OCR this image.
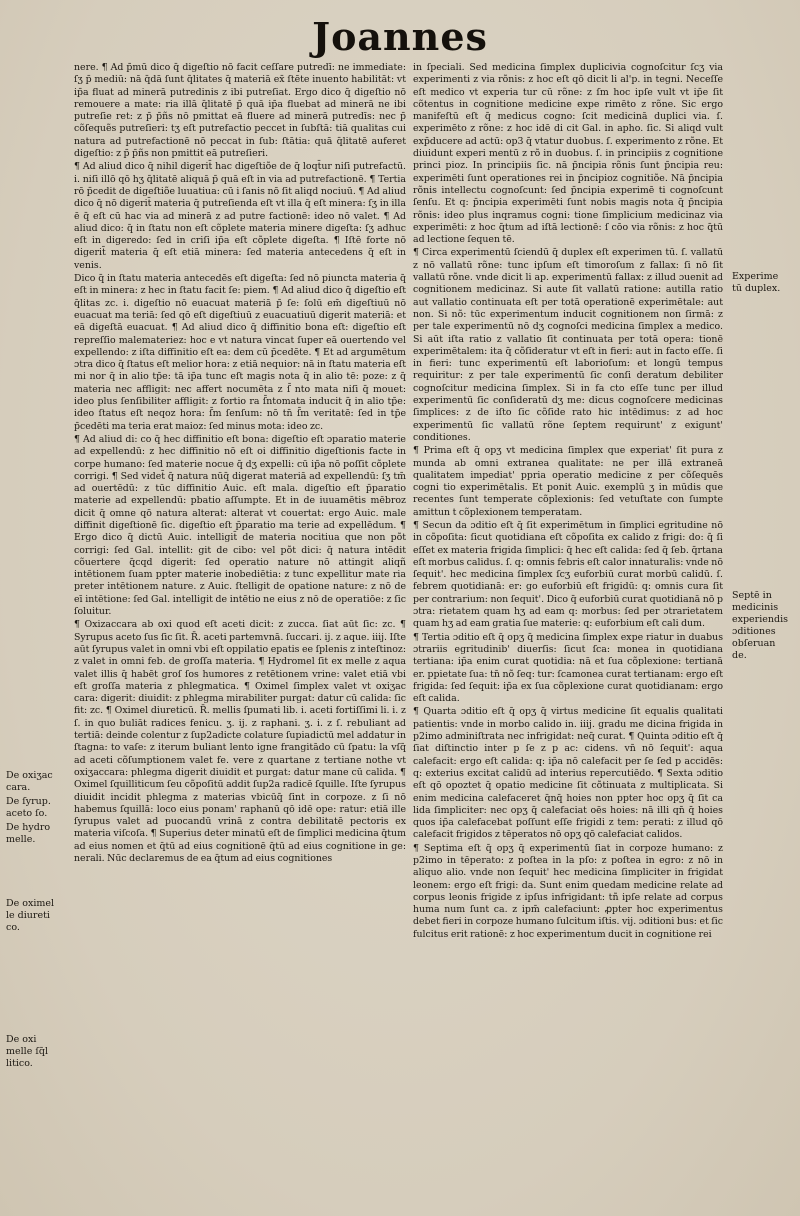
Joannes

nere. ¶ Ad p̄mū dico q̄ digeſtio nō facit ceſſare putredī: ne immediate: ſʒ p̄ mediū: nā q̄dā ſunt q̄litates q̄ materiā ex̄ ſtēte inuento habilitāt: vt ip̄a fluat ad minerā putredinis z ibi putreſiat. Ergo dico q̄ digeſtio nō remouere a mate: ria illā q̄litatē p̄ quā ip̄a fluebat ad minerā ne ibi putreſie ret: z p̄ p̄ñs nō pmittat eā fluere ad minerā putredīs: nec p̄ cõſequẽs putreſieri: tʒ eſt putrefactio peccet in ſubſtā: tiā qualitas cui natura ad putrefactionē nō peccat in ſub: ſtātia: quā q̄litatē auferet digeſtio: z p̄ p̄ñs non pmittit eā putreſieri.

¶ Ad aliud dico q̄ nihil digerit̄ hac digeſtiõe de q̄ loqt̄ur niſi putrefactū. i. niſi illō qō hʒ q̄litatē aliquā p̄ quā eſt in via ad putrefactionē. ¶ Tertia rō p̄cedit de digeſtiõe luuatiua: cū i ſanis nō ſit aliqd nociuū. ¶ Ad aliud dico q̄ nō digerit̄ materia q̄ putreſienda eſt vt illa q̄ eſt minera: ſʒ in illa ē q̄ eſt cū hac via ad minerā z ad putre factionē: ideo nō valet. ¶ Ad aliud dico: q̄ in ſtatu non eſt cõplete materia minere digeſta: ſʒ adhuc eſt in digeredo: ſed in criſi ip̄a eſt cõplete digeſta. ¶ Iſtē forte nō digerit̄ materia q̄ eſt etiā minera: ſed materia antecedens q̄ eſt in venis.

Dico q̄ in ſtatu materia antecedēs eſt digeſta: ſed nō piuncta materia q̄ eſt in minera: z hec in ſtatu facit ſe: piem. ¶ Ad aliud dico q̄ digeſtio eſt q̄litas zc. i. digeſtio nō euacuat materiā p̄ ſe: ſolū em̄ digeſtiuū nō euacuat ma teriā: ſed qō eſt digeſtiuū z euacuatiuū digerit materiā: et eā digeſtā euacuat. ¶ Ad aliud dico q̄ diffinitio bona eſt: digeſtio eſt repreſſio malemateriez: hoc e vt natura vincat ſuper eā ouertendo vel expellendo: z iſta diffinitio eſt ea: dem cū p̄cedēte. ¶ Et ad argumētum ɔtra dico q̄ ſtatus eſt melior hora: z etiā nequior: nā in ſtatu materia eſt mi nor q̄ in alio tp̄e: tā ip̄a tunc eſt magis nota q̄ in alio tē: poze: z q̄ materia nec affligit: nec affert nocumēta z ſ̄ nto mata niſi q̄ mouet: ideo plus ſenſibiliter affligit: z fortio ra ſ̄ntomata inducit q̄ in alio tp̄e: ideo ſtatus eſt neqoz hora: ſ̄m ſenſum: nō tn̄ ſ̄m veritatē: ſed in tp̄e p̄cedēti ma teria erat maioz: ſed minus mota: ideo zc.

¶ Ad aliud di: co q̄ hec diffinitio eſt bona: digeſtio eſt ɔparatio materie ad expellendū: z hec diffinitio nō eſt oi diffinitio digeſtionis facte in corpe humano: ſed materie nocue q̄ dʒ expelli: cū ip̄a nō poſſit cõplete corrigi. ¶ Sed videt̄ q̄ natura nūq̄ digerat materiā ad expellendū: ſʒ tm̄ ad ouertēdū: z tūc diffinitio Auic. eſt mala. digeſtio eſt p̄paratio materie ad expellendū: pbatio aſſumpte. Et in de iuuamētis mēbroz dicit q̄ omne qō natura alterat: alterat vt couertat: ergo Auic. male diffinit digeſtionē ſic. digeſtio eſt p̄paratio ma terie ad expellēdum. ¶ Ergo dico q̄ dictū Auic. intelligit̄ de materia nocitiua que non põt corrigi: ſed Gal. intellit: git de cibo: vel põt dici: q̄ natura intēdit cõuertere q̄cqd digerit: ſed operatio nature nō attingit aliqñ intētionem ſuam ppter materie inobediētia: z tunc expellitur mate ria preter intētionem nature. z Auic. ſtelligit de opatione nature: z nō de eī intētione: ſed Gal. intelligit de intētio ne eius z nō de operatiōe: z ſic ſoluitur.

¶ Oxizaccara ab oxi quod eſt aceti dicit: z zucca. ſiat aūt ſic: zc. ¶ Syrupus aceto ſus ſic ſit. R̄. aceti partemvnā. ſuccari. ij. z aque. iiij. Iſte aūt ſyrupus valet in omni vbi eſt oppilatio epatis ee ſplenis z inteſtinoz: z valet in omni feb. de groſſa materia. ¶ Hydromel ſit ex melle z aqua valet illis q̄ habēt groſ ſos humores z retētionem vrine: valet etiā vbi eſt groſſa materia z phlegmatica. ¶ Oximel ſimplex valet vt oxiʒac cara: digerit: diuidit: z phlegma mirabiliter purgat: datur cū calida: ſic fit: zc. ¶ Oximel diureticū. R̄. mellis ſpumati lib. i. aceti fortiſſimi li. i. z ſ. in quo buliāt radices fenicu. ʒ. ij. z raphani. ʒ. i. z ſ. rebuliant ad tertiā: deinde colentur z ſup2adicte colature ſupiadictū mel addatur in ſtagna: to vaſe: z iterum buliant lento igne frangitādo cū ſpatu: la vſq̄ ad aceti cõſumptionem valet fe. vere z quartane z tertiane nothe vt oxiʒaccara: phlegma digerit diuidit et purgat: datur mane cū calida. ¶ Oximel ſquilliticum ſeu cõpoſitū addit ſup2a radicē ſquille. Iſte ſyrupus diuidit incidit phlegma z materias vbicūq̄ ſint in corpoze. z ſi nō habemus ſquillā: loco eius ponam' raphanū qō idē ope: ratur: etiā ille ſyrupus valet ad puocandū vrinā z contra debilitatē pectoris ex materia viſcoſa. ¶ Superius deter minatū eſt de ſimplici medicina q̄tum ad eius nomen et q̄tū ad eius cognitionē q̄tū ad eius cognitione in ge: nerali. Nūc declaremus de ea q̄tum ad eius cognitiones

in ſpeciali. Sed medicina ſimplex duplicivia cognoſcitur ſcʒ via experimenti z via rõnis: z hoc eſt qō dicit li al'p. in tegni. Neceſſe eſt medico vt experia tur cū rõne: z ſm hoc ipſe vult vt ip̄e ſit cõtentus in cognitione medicine expe rimēto z rõne. Sic ergo manifeſtū eſt q̄ medicus cogno: ſcit medicinā duplici via. ſ. experimēto z rõne: z hoc idē di cit Gal. in apho. ſic. Si aliqd vult exp̄ducere ad actū: op3 q̄ vtatur duobus. ſ. experimento z rõne. Et diuidunt experi mentū z rõ in duobus. ſ. in principiis z cognitione princi pioz. In principiis ſic. nā p̄ncipia rõnis ſunt p̄ncipia reu: experimēti ſunt operationes rei in p̄ncipioz cognitiõe. Nā p̄ncipia rõnis intellectu cognoſcunt: ſed p̄ncipia experimē ti cognoſcunt ſenſu. Et q: p̄ncipia experimēti ſunt nobis magis nota q̄ p̄ncipia rõnis: ideo plus inqramus cogni: tione ſimplicium medicinaz via experimēti: z hoc q̄tum ad iſtā lectionē: ſ cōo via rõnis: z hoc q̄tū ad lectione ſequen tē.

¶ Circa experimentū ſciendū q̄ duplex eſt experimen tū. ſ. vallatū z nō vallatū rõne: tunc ipſum eſt timoroſum z fallax: ſi nō ſit vallatū rõne. vnde dicit li ap. experimentū fallax: z illud ɔuenit ad cognitionem medicinaz. Si aute ſit vallatū ratione: autilla ratio aut vallatio continuata eſt per totā operationē experimētale: aut non. Si nõ: tūc experimentum inducit cognitionem non ſirmā: z per tale experimentū nō dʒ cognoſci medicina ſimplex a medico. Si aūt iſta ratio z vallatio ſit continuata per totā opera: tionē experimētalem: ita q̄ cõſideratur vt eſt in fieri: aut in facto eſſe. ſi in fieri: tunc experimentū eſt laborioſum: et longū tempus requiritur: z per tale experimentū ſic conſi deratum debiliter cognoſcitur medicina ſimplex. Si in fa cto eſſe tunc per illud experimentū ſic conſideratū dʒ me: dicus cognoſcere medicinas ſimplices: z de iſto ſic cõſide rato hic intēdimus: z ad hoc experimentū ſic vallatū rõne ſeptem requirunt' z exigunt' conditiones.

¶ Prima eſt q̄ opʒ vt medicina ſimplex que experiat' ſit pura z munda ab omni extranea qualitate: ne per illā extraneā qualitatem impediat' ppria operatio medicine z per cõſequēs cogni tio experimētalis. Et ponit Auic. exemplū ʒ in mūdis que recentes ſunt temperate cõplexionis: ſed vetuſtate con ſumpte amittun t cõplexionem temperatam.

¶ Secun da ɔditio eſt q̄ ſit experimētum in ſimplici egritudine nō in cõpoſita: ſicut quotidiana eſt cõpoſita ex calido z frigi: do: q̄ ſi eſſet ex materia frigida ſimplici: q̄ hec eſt calida: ſed q̄ ſeb. q̄rtana eſt morbus calidus. ſ. q: omnis febris eſt calor innaturalis: vnde nō ſequit'. hec medicina ſimplex ſcʒ euforbiū curat morbū calidū. ſ. febrem quotidianā: er: go euforbiū eſt frigidū: q: omnis cura ſit per contrarium: non ſequit'. Dico q̄ euforbiū curat quotidianā nō p ɔtra: rietatem quam hʒ ad eam q: morbus: ſed per ɔtrarietatem quam hʒ ad eam gratia ſue materie: q: euforbium eſt cali dum.

¶ Tertia ɔditio eſt q̄ opʒ q̄ medicina ſimplex expe riatur in duabus ɔtrariis egritudinib' diuerſis: ſicut ſca: monea in quotidiana tertiana: ip̄a enim curat quotidia: nā et ſua cõplexione: tertianā er. ppietate ſua: tn̄ nõ ſeq: tur: ſcamonea curat tertianam: ergo eſt frigida: ſed ſequit: ip̄a ex ſua cõplexione curat quotidianam: ergo eſt calida.

¶ Quarta ɔditio eſt q̄ opʒ q̄ virtus medicine ſit equalis qualitati patientis: vnde in morbo calido in. iiij. gradu me dicina frigida in p2imo adminiſtrata nec infrigidat: neq̄ curat. ¶ Quinta ɔditio eſt q̄ ſiat diſtinctio inter p ſe z p ac: cidens. vn̄ nō ſequit': aqua calefacit: ergo eſt calida: q: ip̄a nō calefacit per ſe ſed p accidēs: q: exterius excitat calidū ad interius repercutiēdo. ¶ Sexta ɔditio eſt qō opoztet q̄ opatio medicine ſit cõtinuata z multiplicata. Si enim medicina calefaceret q̄nq̄ hoies non ppter hoc opʒ q̄ ſit ca lida ſimpliciter: nec opʒ q̄ calefaciat oēs hoies: nā illi qn̄ q̄ hoies quos ip̄a calefacebat poſſunt eſſe frigidi z tem: perati: z illud qō calefacit frigidos z tēperatos nō opʒ qō calefaciat calidos.

¶ Septima eſt q̄ opʒ q̄ experimentū ſiat in corpoze humano: z p2imo in tēperato: z poſtea in la pſo: z poſtea in egro: z nō in aliquo alio. vnde non ſequit' hec medicina ſimpliciter in frigidat leonem: ergo eſt frigi: da. Sunt enim quedam medicine relate ad corpus leonis frigide z ipſus infrigidant: tñ ipſe relate ad corpus huma num ſunt ca. z ipm̄ calefaciunt: ꝓpter hoc experimentus debet fieri in corpoze humano ſulcitum iſtis. vij. ɔditioni bus: et ſic fulcitus erit rationē: z hoc experimentum ducit in cognitione rei

De oxiʒac
cara.
De ſyrup.
aceto ſo.
De hydro
melle.
De oximel
le diureti
co.
De oxi
melle ſq̄l
litico.
Experime
tū duplex.
Septē in
medicinis
experiendis
ɔditiones
obſeruan
de.
